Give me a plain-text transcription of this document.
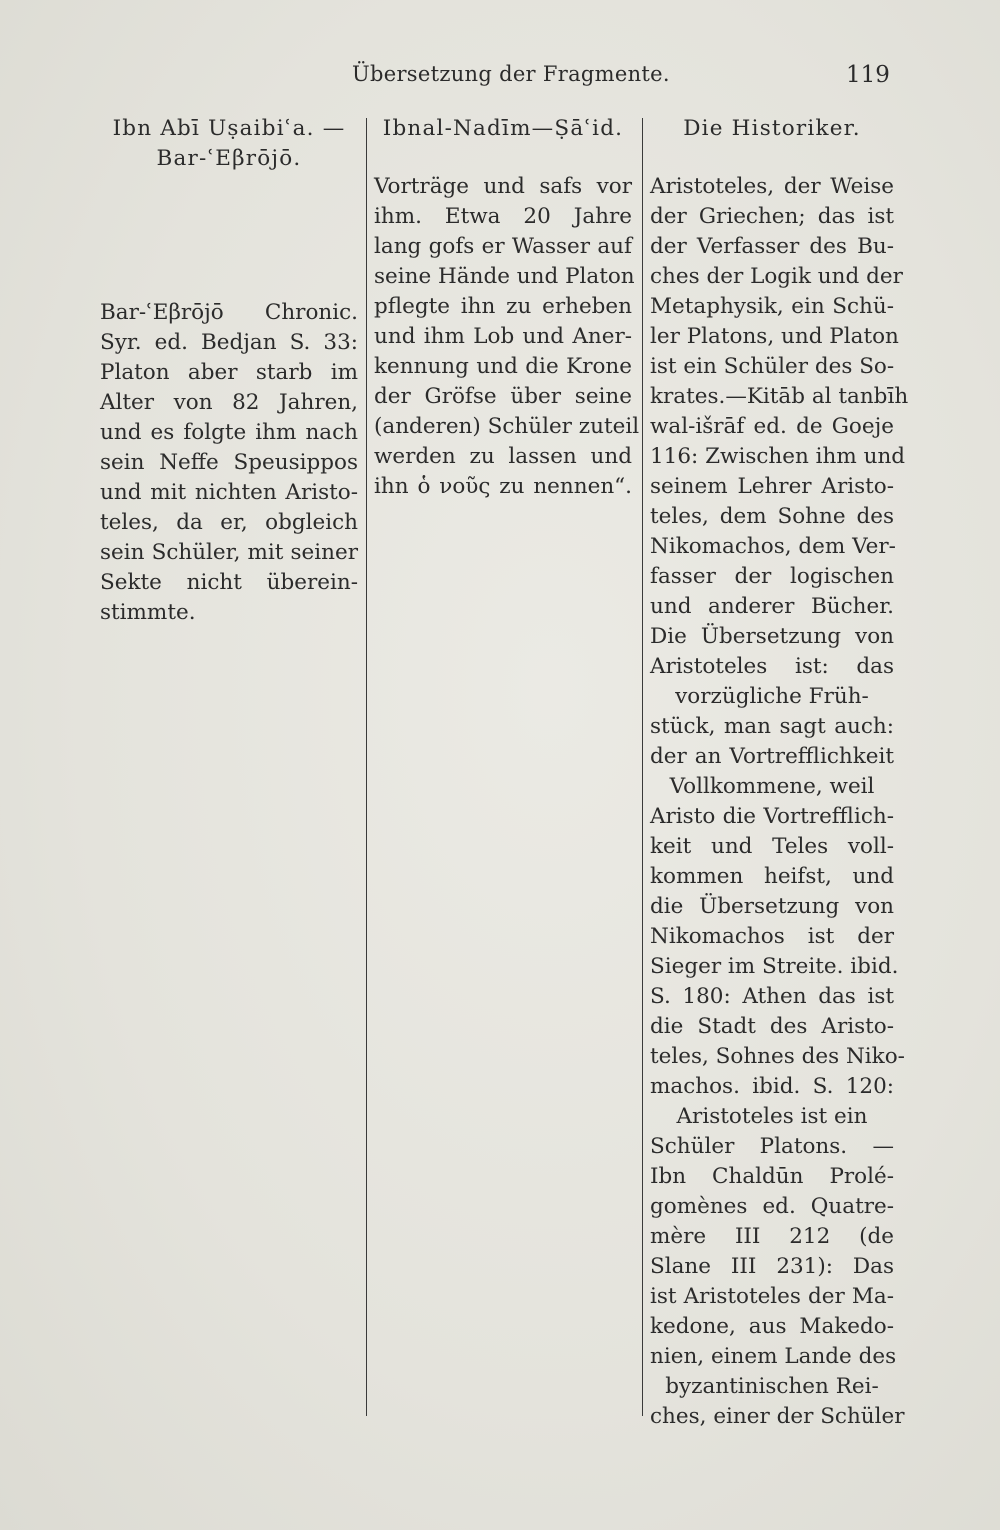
Übersetzung der Fragmente.	119
Ibn Abī Uṣaibiʿa. —
Bar-ʿEβrōjō.
Bar-ʿEβrōjō Chronic.
Syr. ed. Bedjan S. 33:
Platon aber starb im
Alter von 82 Jahren,
und es folgte ihm nach
sein Neffe Speusippos
und mit nichten Aristo-
teles, da er, obgleich
sein Schüler, mit seiner
Sekte nicht überein-
stimmte.
Ibnal-Nadīm—Ṣāʿid.
Vorträge und safs vor
ihm. Etwa 20 Jahre
lang gofs er Wasser auf
seine Hände und Platon
pflegte ihn zu erheben
und ihm Lob und Aner-
kennung und die Krone
der Gröfse über seine
(anderen) Schüler zuteil
werden zu lassen und
ihn ὁ νοῦς zu nennen“.
Die Historiker.
Aristoteles, der Weise
der Griechen; das ist
der Verfasser des Bu-
ches der Logik und der
Metaphysik, ein Schü-
ler Platons, und Platon
ist ein Schüler des So-
krates.—Kitāb al tanbīh
wal-išrāf ed. de Goeje
116: Zwischen ihm und
seinem Lehrer Aristo-
teles, dem Sohne des
Nikomachos, dem Ver-
fasser der logischen
und anderer Bücher.
Die Übersetzung von
Aristoteles ist: das
vorzügliche Früh-
stück, man sagt auch:
der an Vortrefflichkeit
Vollkommene, weil
Aristo die Vortrefflich-
keit und Teles voll-
kommen heifst, und
die Übersetzung von
Nikomachos ist der
Sieger im Streite. ibid.
S. 180: Athen das ist
die Stadt des Aristo-
teles, Sohnes des Niko-
machos. ibid. S. 120:
Aristoteles ist ein
Schüler Platons. —
Ibn Chaldūn Prolé-
gomènes ed. Quatre-
mère III 212 (de
Slane III 231): Das
ist Aristoteles der Ma-
kedone, aus Makedo-
nien, einem Lande des
byzantinischen Rei-
ches, einer der Schüler
